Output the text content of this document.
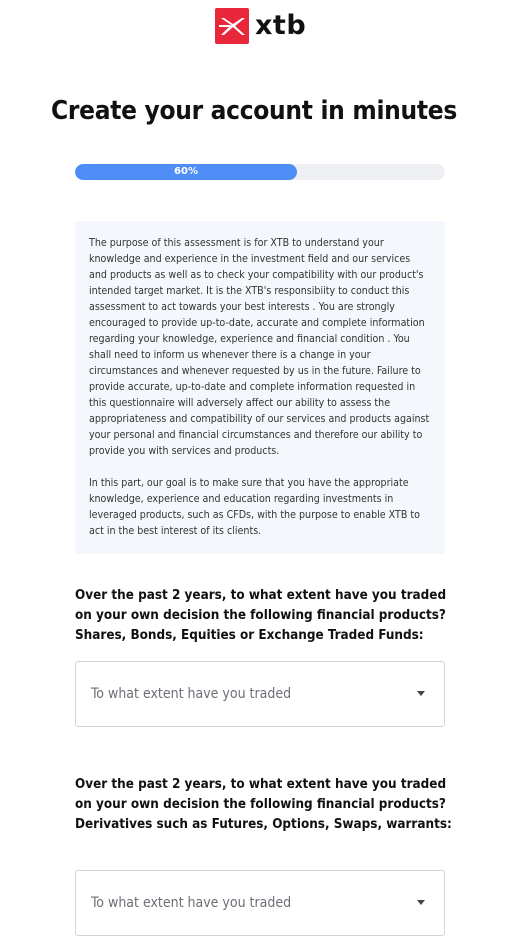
xtb
Create your account in minutes
60%

The purpose of this assessment is for XTB to understand your knowledge and experience in the investment field and our services and products as well as to check your compatibility with our product's intended target market. It is the XTB's responsibiity to conduct this assessment to act towards your best interests . You are strongly encouraged to provide up-to-date, accurate and complete information regarding your knowledge, experience and financial condition . You shall need to inform us whenever there is a change in your circumstances and whenever requested by us in the future. Failure to provide accurate, up-to-date and complete information requested in this questionnaire will adversely affect our ability to assess the appropriateness and compatibility of our services and products against your personal and financial circumstances and therefore our ability to provide you with services and products.

In this part, our goal is to make sure that you have the appropriate knowledge, experience and education regarding investments in leveraged products, such as CFDs, with the purpose to enable XTB to act in the best interest of its clients.

Over the past 2 years, to what extent have you traded on your own decision the following financial products? Shares, Bonds, Equities or Exchange Traded Funds:
To what extent have you traded
Over the past 2 years, to what extent have you traded on your own decision the following financial products? Derivatives such as Futures, Options, Swaps, warrants:
To what extent have you traded
